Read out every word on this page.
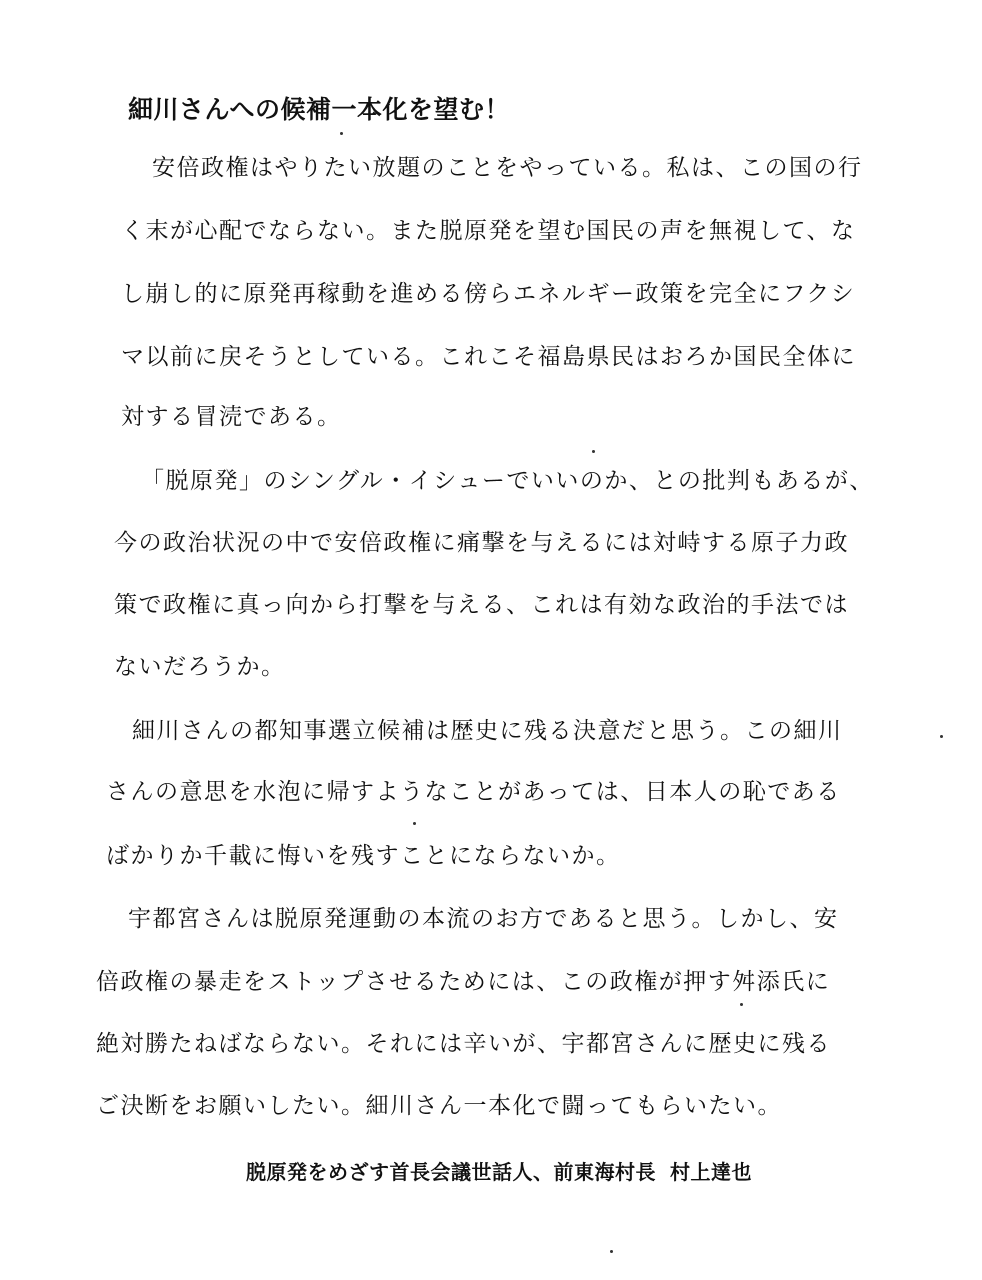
細川さんへの候補一本化を望む！
安倍政権はやりたい放題のことをやっている。私は、この国の行
く末が心配でならない。また脱原発を望む国民の声を無視して、な
し崩し的に原発再稼動を進める傍らエネルギー政策を完全にフクシ
マ以前に戻そうとしている。これこそ福島県民はおろか国民全体に
対する冒涜である。
「脱原発」のシングル・イシューでいいのか、との批判もあるが、
今の政治状況の中で安倍政権に痛撃を与えるには対峙する原子力政
策で政権に真っ向から打撃を与える、これは有効な政治的手法では
ないだろうか。
細川さんの都知事選立候補は歴史に残る決意だと思う。この細川
さんの意思を水泡に帰すようなことがあっては、日本人の恥である
ばかりか千載に悔いを残すことにならないか。
宇都宮さんは脱原発運動の本流のお方であると思う。しかし、安
倍政権の暴走をストップさせるためには、この政権が押す舛添氏に
絶対勝たねばならない。それには辛いが、宇都宮さんに歴史に残る
ご決断をお願いしたい。細川さん一本化で闘ってもらいたい。
脱原発をめざす首長会議世話人、前東海村長 村上達也
